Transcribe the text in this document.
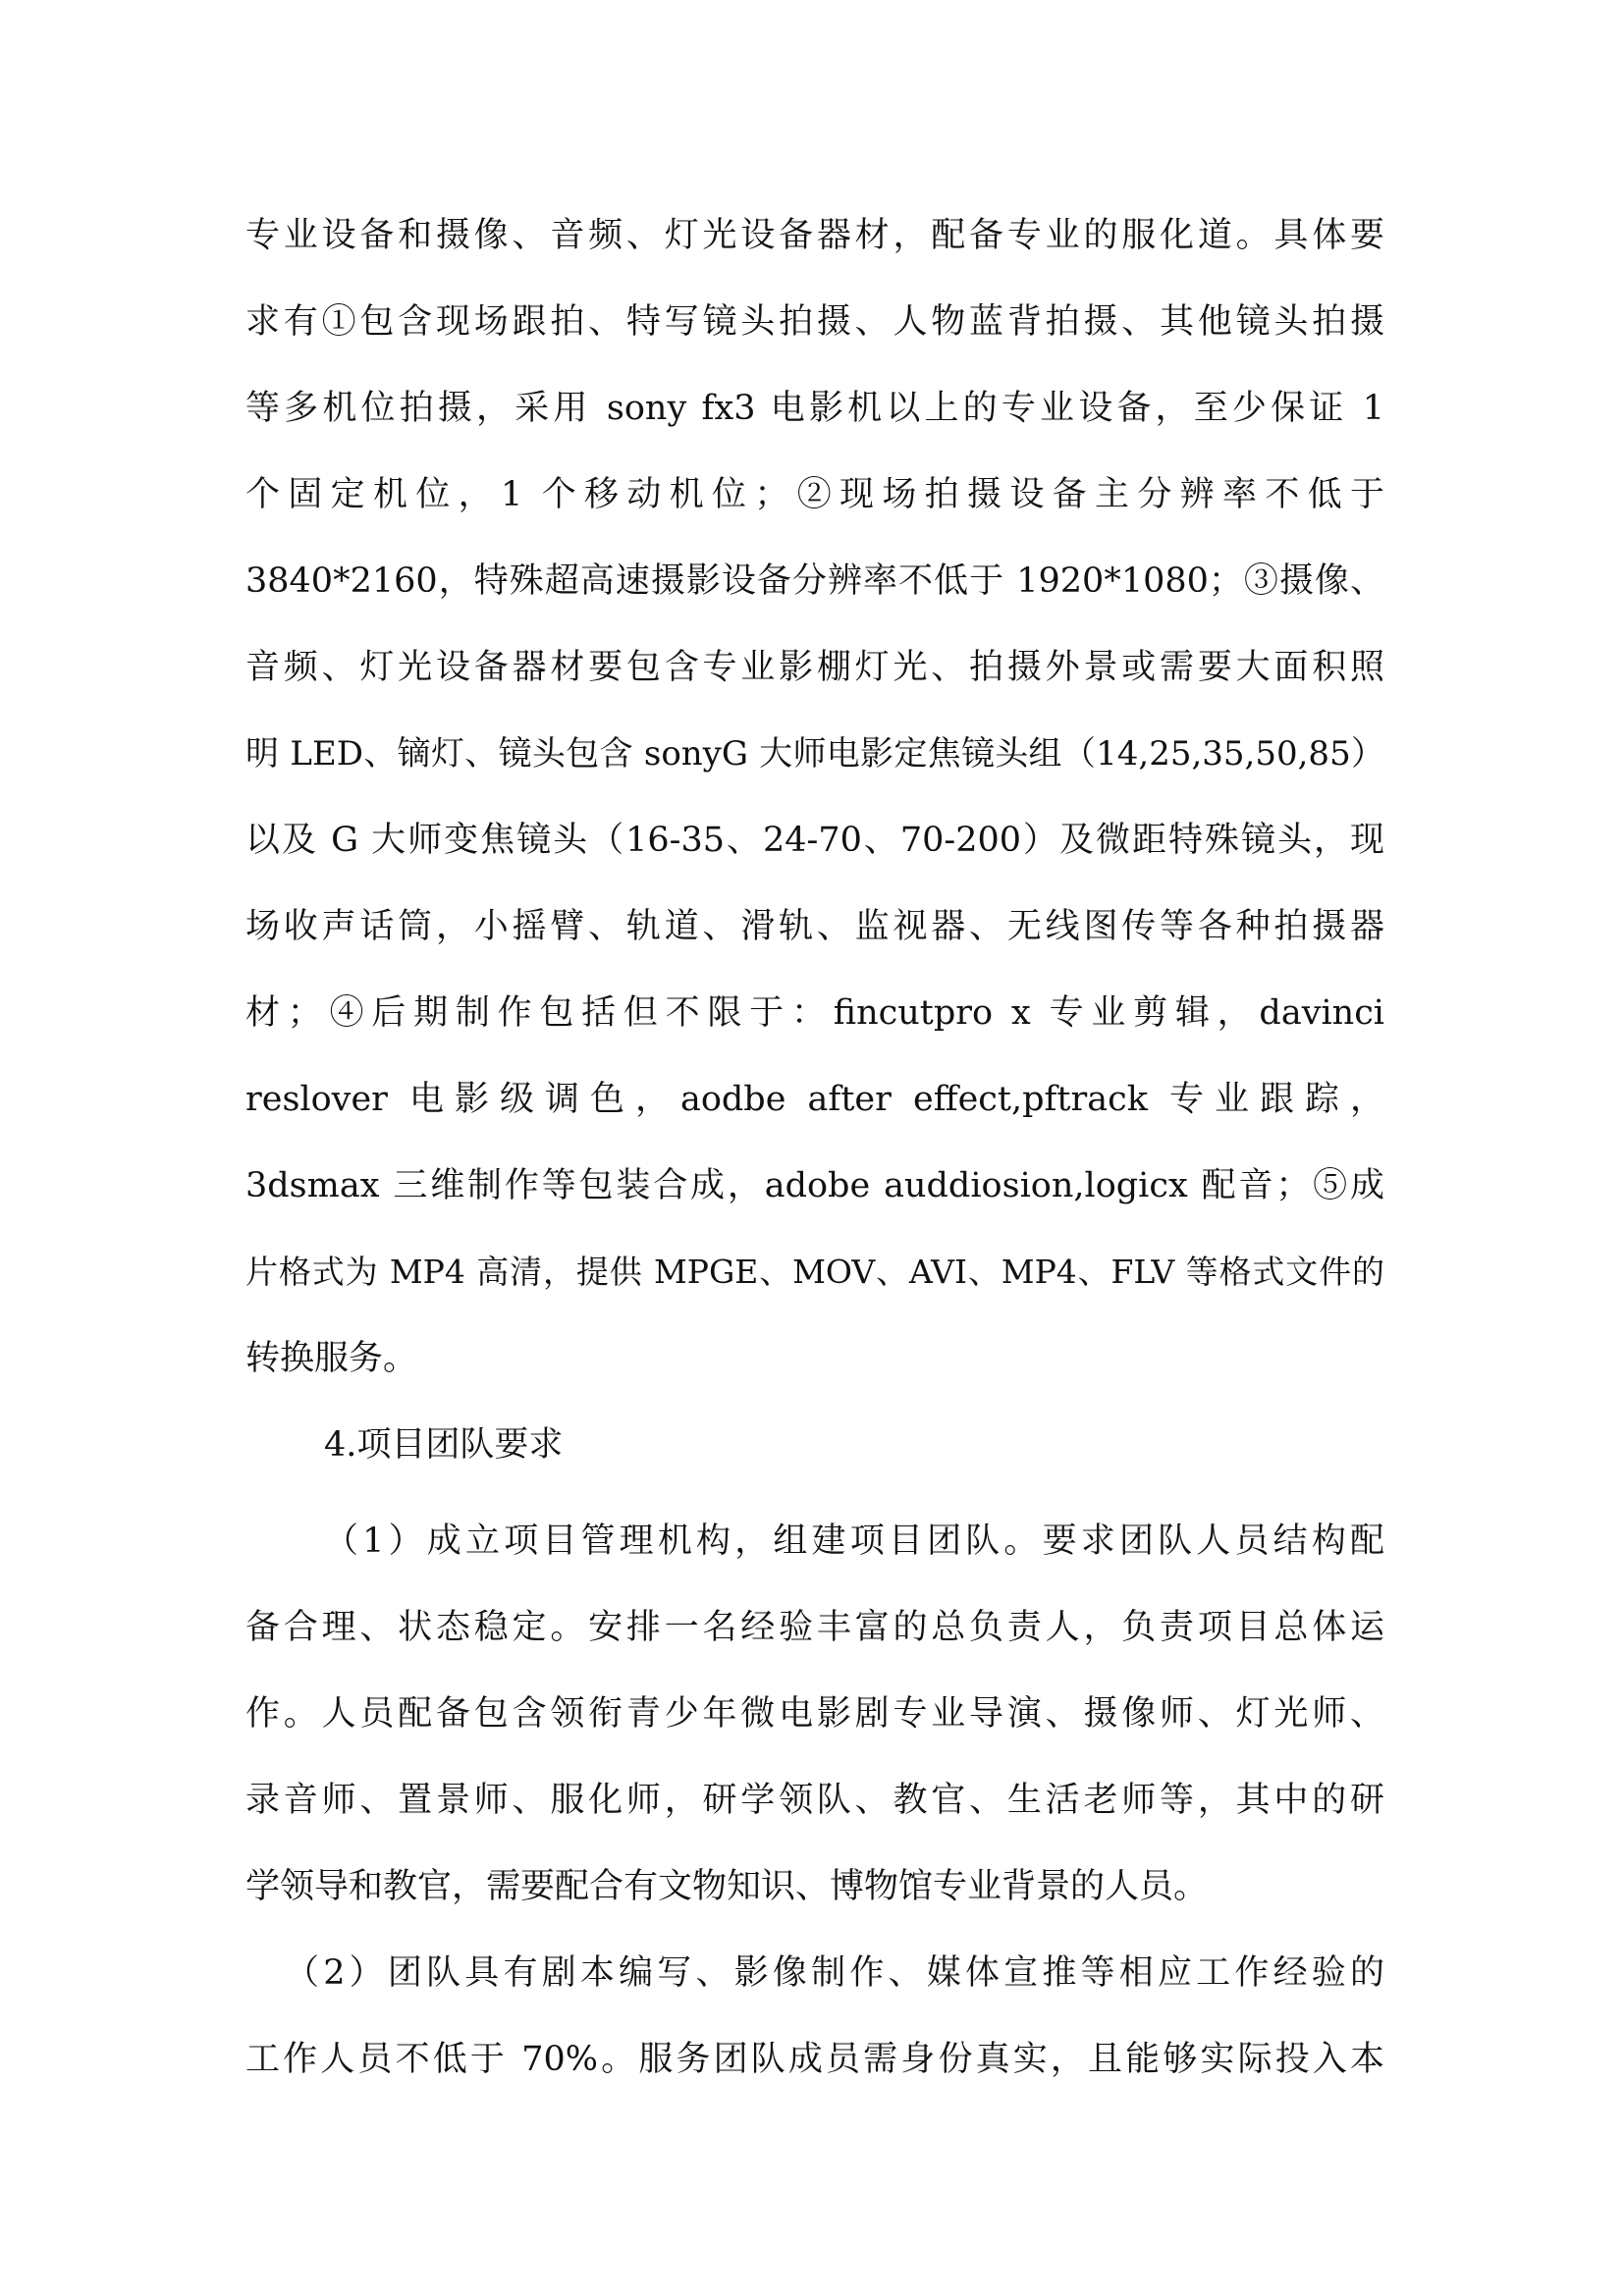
专业设备和摄像、音频、灯光设备器材，配备专业的服化道。具体要
求有①包含现场跟拍、特写镜头拍摄、人物蓝背拍摄、其他镜头拍摄
等多机位拍摄，采用 sony fx3 电影机以上的专业设备，至少保证 1
个固定机位，1 个移动机位；②现场拍摄设备主分辨率不低于
3840*2160，特殊超高速摄影设备分辨率不低于 1920*1080；③摄像、
音频、灯光设备器材要包含专业影棚灯光、拍摄外景或需要大面积照
明 LED、镝灯、镜头包含 sonyG 大师电影定焦镜头组（14,25,35,50,85）
以及 G 大师变焦镜头（16-35、24-70、70-200）及微距特殊镜头，现
场收声话筒，小摇臂、轨道、滑轨、监视器、无线图传等各种拍摄器
材；④后期制作包括但不限于：fincutpro x 专业剪辑，davinci
reslover 电影级调色，aodbe after effect,pftrack 专业跟踪，
3dsmax 三维制作等包装合成，adobe auddiosion,logicx 配音；⑤成
片格式为 MP4 高清，提供 MPGE、MOV、AVI、MP4、FLV 等格式文件的
转换服务。
4.项目团队要求
（1）成立项目管理机构，组建项目团队。要求团队人员结构配
备合理、状态稳定。安排一名经验丰富的总负责人，负责项目总体运
作。人员配备包含领衔青少年微电影剧专业导演、摄像师、灯光师、
录音师、置景师、服化师，研学领队、教官、生活老师等，其中的研
学领导和教官，需要配合有文物知识、博物馆专业背景的人员。
（2）团队具有剧本编写、影像制作、媒体宣推等相应工作经验的
工作人员不低于 70%。服务团队成员需身份真实，且能够实际投入本
